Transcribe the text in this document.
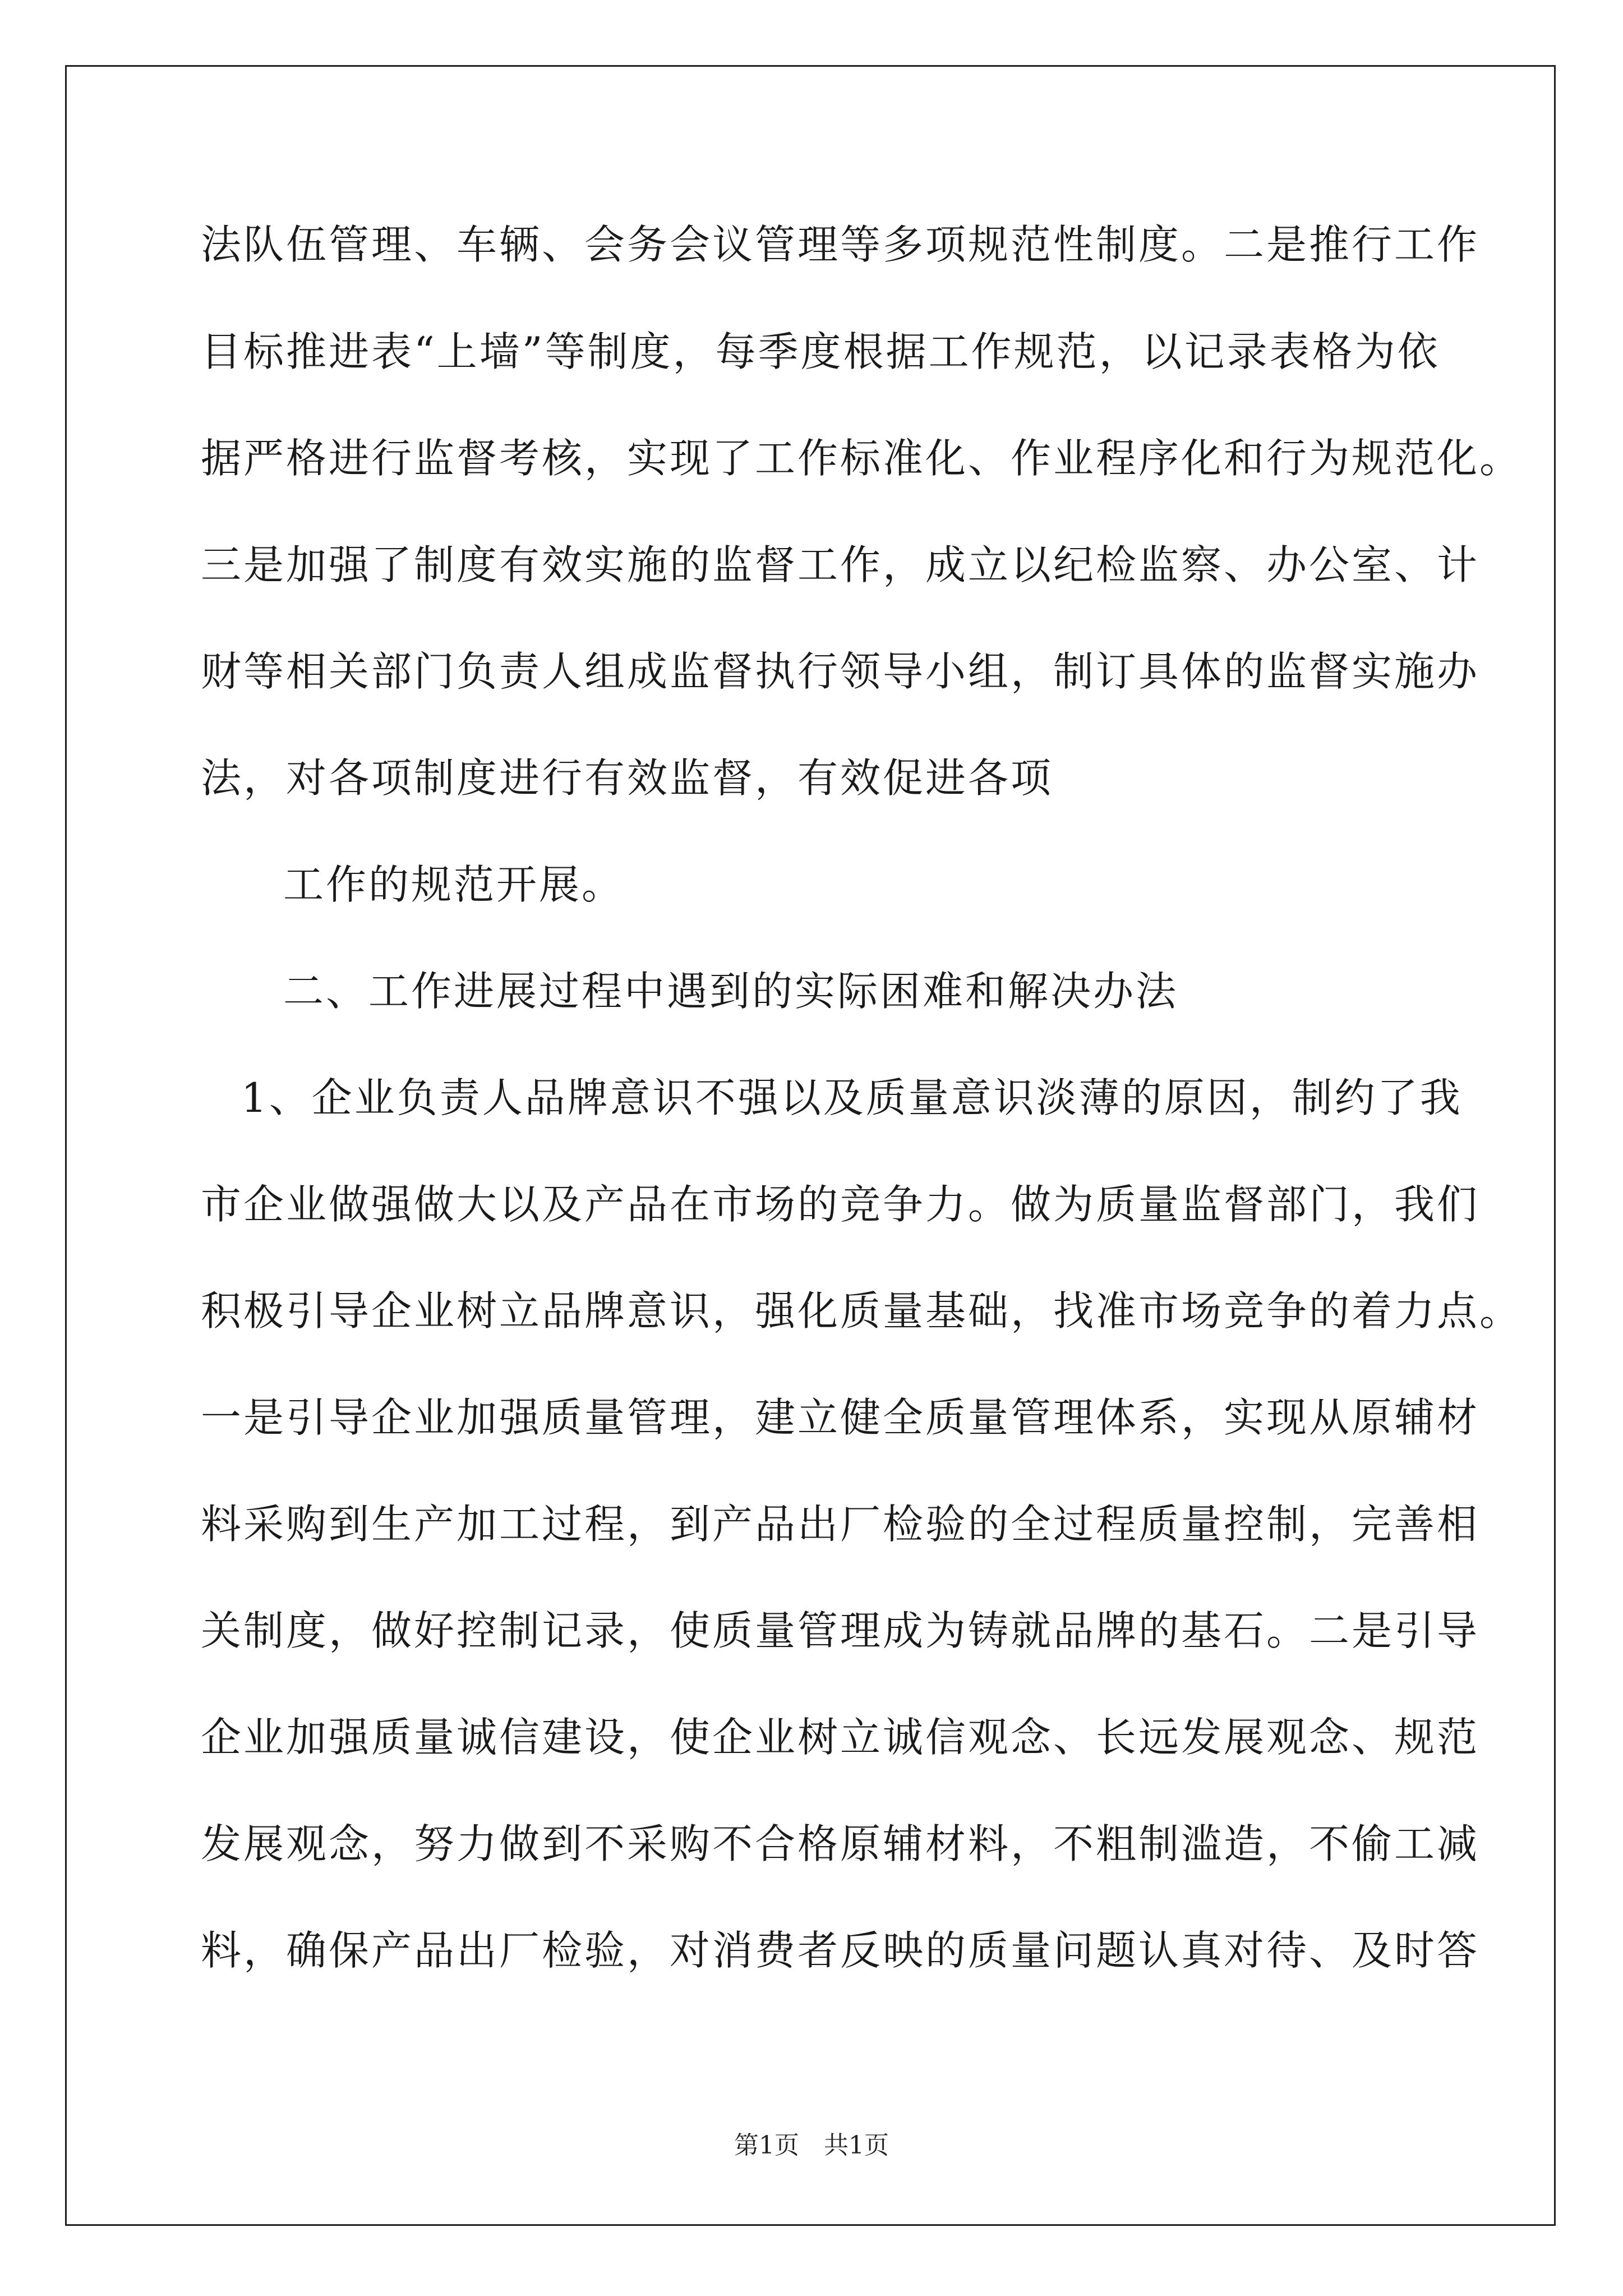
法队伍管理、车辆、会务会议管理等多项规范性制度。二是推行工作
目标推进表“上墙”等制度，每季度根据工作规范，以记录表格为依
据严格进行监督考核，实现了工作标准化、作业程序化和行为规范化。
三是加强了制度有效实施的监督工作，成立以纪检监察、办公室、计
财等相关部门负责人组成监督执行领导小组，制订具体的监督实施办
法，对各项制度进行有效监督，有效促进各项
工作的规范开展。
二、工作进展过程中遇到的实际困难和解决办法
1、企业负责人品牌意识不强以及质量意识淡薄的原因，制约了我
市企业做强做大以及产品在市场的竞争力。做为质量监督部门，我们
积极引导企业树立品牌意识，强化质量基础，找准市场竞争的着力点。
一是引导企业加强质量管理，建立健全质量管理体系，实现从原辅材
料采购到生产加工过程，到产品出厂检验的全过程质量控制，完善相
关制度，做好控制记录，使质量管理成为铸就品牌的基石。二是引导
企业加强质量诚信建设，使企业树立诚信观念、长远发展观念、规范
发展观念，努力做到不采购不合格原辅材料，不粗制滥造，不偷工减
料，确保产品出厂检验，对消费者反映的质量问题认真对待、及时答
第1页　共1页
